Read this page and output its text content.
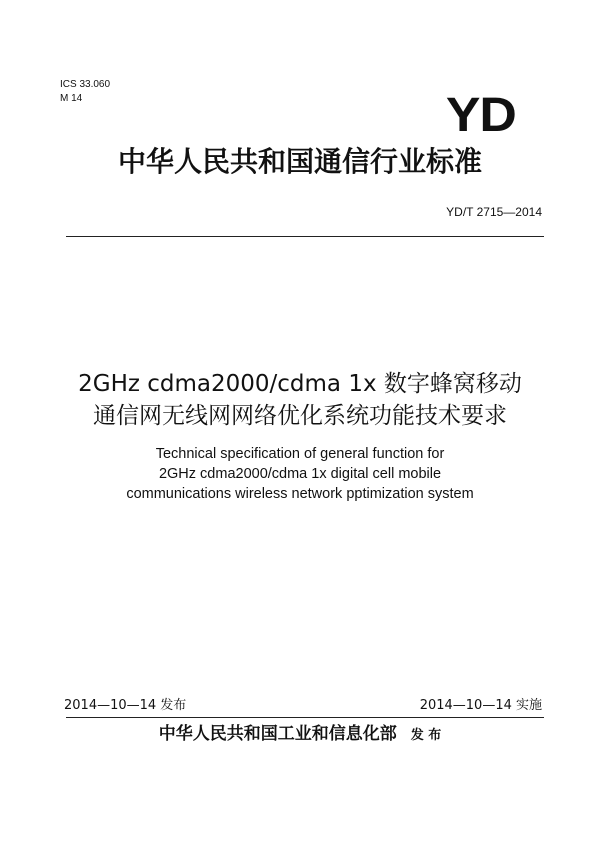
ICS 33.060
M 14	YD
中华人民共和国通信行业标准
YD/T 2715—2014
2GHz cdma2000/cdma 1x 数字蜂窝移动
通信网无线网网络优化系统功能技术要求
Technical specification of general function for
2GHz cdma2000/cdma 1x digital cell mobile
communications wireless network pptimization system
2014—10—14 发布	2014—10—14 实施
中华人民共和国工业和信息化部 发 布
